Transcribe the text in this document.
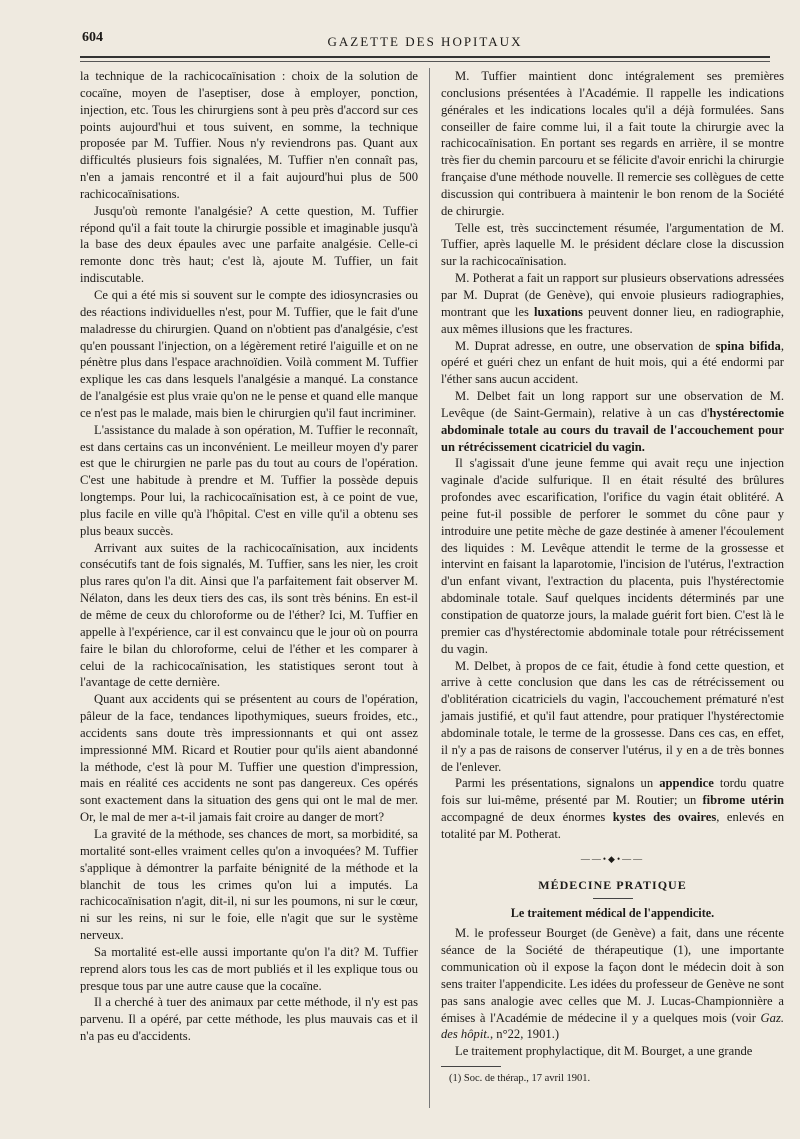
604	GAZETTE DES HOPITAUX

la technique de la rachicocaïnisation : choix de la solution de cocaïne, moyen de l'aseptiser, dose à employer, ponction, injection, etc. Tous les chirurgiens sont à peu près d'accord sur ces points aujourd'hui et tous suivent, en somme, la technique proposée par M. Tuffier. Nous n'y reviendrons pas. Quant aux difficultés plusieurs fois signalées, M. Tuffier n'en connaît pas, n'en a jamais rencontré et il a fait aujourd'hui plus de 500 rachicocaïnisations.

Jusqu'où remonte l'analgésie? A cette question, M. Tuffier répond qu'il a fait toute la chirurgie possible et imaginable jusqu'à la base des deux épaules avec une parfaite analgésie. Celle-ci remonte donc très haut; c'est là, ajoute M. Tuffier, un fait indiscutable.

Ce qui a été mis si souvent sur le compte des idiosyncrasies ou des réactions individuelles n'est, pour M. Tuffier, que le fait d'une maladresse du chirurgien. Quand on n'obtient pas d'analgésie, c'est qu'en poussant l'injection, on a légèrement retiré l'aiguille et on ne pénètre plus dans l'espace arachnoïdien. Voilà comment M. Tuffier explique les cas dans lesquels l'analgésie a manqué. La constance de l'analgésie est plus vraie qu'on ne le pense et quand elle manque ce n'est pas le malade, mais bien le chirurgien qu'il faut incriminer.

L'assistance du malade à son opération, M. Tuffier le reconnaît, est dans certains cas un inconvénient. Le meilleur moyen d'y parer est que le chirurgien ne parle pas du tout au cours de l'opération. C'est une habitude à prendre et M. Tuffier la possède depuis longtemps. Pour lui, la rachicocaïnisation est, à ce point de vue, plus facile en ville qu'à l'hôpital. C'est en ville qu'il a obtenu ses plus beaux succès.

Arrivant aux suites de la rachicocaïnisation, aux incidents consécutifs tant de fois signalés, M. Tuffier, sans les nier, les croit plus rares qu'on l'a dit. Ainsi que l'a parfaitement fait observer M. Nélaton, dans les deux tiers des cas, ils sont très bénins. En est-il de même de ceux du chloroforme ou de l'éther? Ici, M. Tuffier en appelle à l'expérience, car il est convaincu que le jour où on pourra faire le bilan du chloroforme, celui de l'éther et les comparer à celui de la rachicocaïnisation, les statistiques seront tout à l'avantage de cette dernière.

Quant aux accidents qui se présentent au cours de l'opération, pâleur de la face, tendances lipothymiques, sueurs froides, etc., accidents sans doute très impressionnants et qui ont assez impressionné MM. Ricard et Routier pour qu'ils aient abandonné la méthode, c'est là pour M. Tuffier une question d'impression, mais en réalité ces accidents ne sont pas dangereux. Ces opérés sont exactement dans la situation des gens qui ont le mal de mer. Or, le mal de mer a-t-il jamais fait croire au danger de mort?

La gravité de la méthode, ses chances de mort, sa morbidité, sa mortalité sont-elles vraiment celles qu'on a invoquées? M. Tuffier s'applique à démontrer la parfaite bénignité de la méthode et la blanchit de tous les crimes qu'on lui a imputés. La rachicocaïnisation n'agit, dit-il, ni sur les poumons, ni sur le cœur, ni sur les reins, ni sur le foie, elle n'agit que sur le système nerveux.

Sa mortalité est-elle aussi importante qu'on l'a dit? M. Tuffier reprend alors tous les cas de mort publiés et il les explique tous ou presque tous par une autre cause que la cocaïne.

Il a cherché à tuer des animaux par cette méthode, il n'y est pas parvenu. Il a opéré, par cette méthode, les plus mauvais cas et il n'a pas eu d'accidents.

M. Tuffier maintient donc intégralement ses premières conclusions présentées à l'Académie. Il rappelle les indications générales et les indications locales qu'il a déjà formulées. Sans conseiller de faire comme lui, il a fait toute la chirurgie avec la rachicocaïnisation. En portant ses regards en arrière, il se montre très fier du chemin parcouru et se félicite d'avoir enrichi la chirurgie française d'une méthode nouvelle. Il remercie ses collègues de cette discussion qui contribuera à maintenir le bon renom de la Société de chirurgie.

Telle est, très succinctement résumée, l'argumentation de M. Tuffier, après laquelle M. le président déclare close la discussion sur la rachicocaïnisation.

M. Potherat a fait un rapport sur plusieurs observations adressées par M. Duprat (de Genève), qui envoie plusieurs radiographies, montrant que les luxations peuvent donner lieu, en radiographie, aux mêmes illusions que les fractures.

M. Duprat adresse, en outre, une observation de spina bifida, opéré et guéri chez un enfant de huit mois, qui a été endormi par l'éther sans aucun accident.

M. Delbet fait un long rapport sur une observation de M. Levêque (de Saint-Germain), relative à un cas d'hystérectomie abdominale totale au cours du travail de l'accouchement pour un rétrécissement cicatriciel du vagin.

Il s'agissait d'une jeune femme qui avait reçu une injection vaginale d'acide sulfurique. Il en était résulté des brûlures profondes avec escarification, l'orifice du vagin était oblitéré. A peine fut-il possible de perforer le sommet du cône paur y introduire une petite mèche de gaze destinée à amener l'écoulement des liquides : M. Levêque attendit le terme de la grossesse et intervint en faisant la laparotomie, l'incision de l'utérus, l'extraction d'un enfant vivant, l'extraction du placenta, puis l'hystérectomie abdominale totale. Sauf quelques incidents déterminés par une constipation de quatorze jours, la malade guérit fort bien. C'est là le premier cas d'hystérectomie abdominale totale pour rétrécissement du vagin.

M. Delbet, à propos de ce fait, étudie à fond cette question, et arrive à cette conclusion que dans les cas de rétrécissement ou d'oblitération cicatriciels du vagin, l'accouchement prématuré n'est jamais justifié, et qu'il faut attendre, pour pratiquer l'hystérectomie abdominale totale, le terme de la grossesse. Dans ces cas, en effet, il n'y a pas de raisons de conserver l'utérus, il y en a de très bonnes de l'enlever.

Parmi les présentations, signalons un appendice tordu quatre fois sur lui-même, présenté par M. Routier; un fibrome utérin accompagné de deux énormes kystes des ovaires, enlevés en totalité par M. Potherat.

——•◆•——
MÉDECINE PRATIQUE
Le traitement médical de l'appendicite.

M. le professeur Bourget (de Genève) a fait, dans une récente séance de la Société de thérapeutique (1), une importante communication où il expose la façon dont le médecin doit à son sens traiter l'appendicite. Les idées du professeur de Genève ne sont pas sans analogie avec celles que M. J. Lucas-Championnière a émises à l'Académie de médecine il y a quelques mois (voir Gaz. des hôpit., n°22, 1901.)

Le traitement prophylactique, dit M. Bourget, a une grande

(1) Soc. de thérap., 17 avril 1901.
